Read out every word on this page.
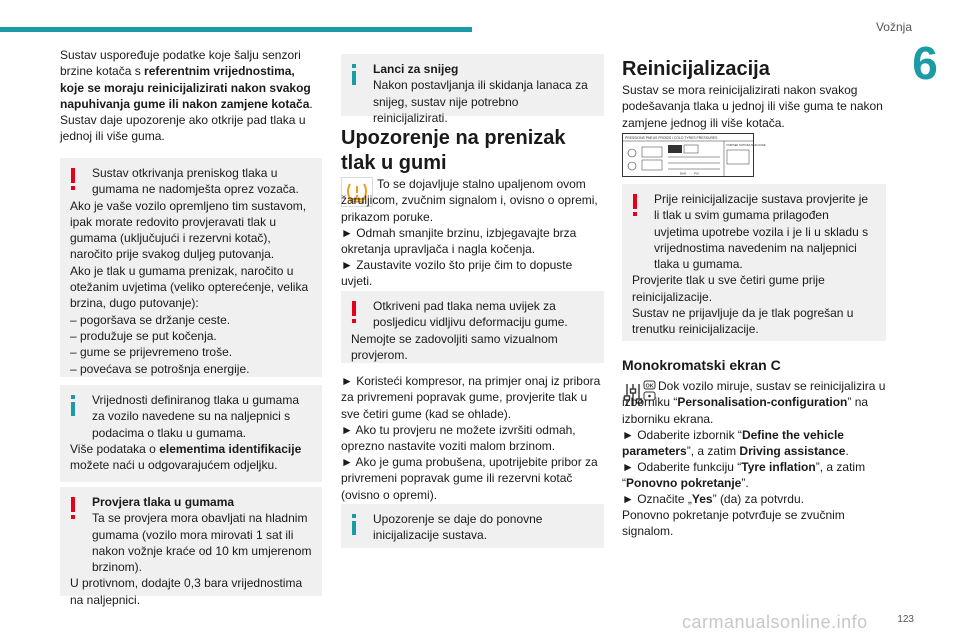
Vožnja
6

Sustav uspoređuje podatke koje šalju senzori brzine kotača s referentnim vrijednostima, koje se moraju reinicijalizirati nakon svakog napuhivanja gume ili nakon zamjene kotača. Sustav daje upozorenje ako otkrije pad tlaka u jednoj ili više guma.

Sustav otkrivanja preniskog tlaka u gumama ne nadomješta oprez vozača.

Ako je vaše vozilo opremljeno tim sustavom, ipak morate redovito provjeravati tlak u gumama (uključujući i rezervni kotač), naročito prije svakog duljeg putovanja.

Ako je tlak u gumama prenizak, naročito u otežanim uvjetima (veliko opterećenje, velika brzina, dugo putovanje):

– pogoršava se držanje ceste.

– produžuje se put kočenja.

– gume se prijevremeno troše.

– povećava se potrošnja energije.

Vrijednosti definiranog tlaka u gumama za vozilo navedene su na naljepnici s podacima o tlaku u gumama.

Više podataka o elementima identifikacije možete naći u odgovarajućem odjeljku.

Provjera tlaka u gumama

Ta se provjera mora obavljati na hladnim gumama (vozilo mora mirovati 1 sat ili nakon vožnje kraće od 10 km umjerenom brzinom).

U protivnom, dodajte 0,3 bara vrijednostima na naljepnici.

Lanci za snijeg

Nakon postavljanja ili skidanja lanaca za snijeg, sustav nije potrebno reinicijalizirati.

Upozorenje na prenizak tlak u gumi

To se dojavljuje stalno upaljenom ovom žaruljicom, zvučnim signalom i, ovisno o opremi, prikazom poruke.

► Odmah smanjite brzinu, izbjegavajte brza okretanja upravljača i nagla kočenja.

► Zaustavite vozilo što prije čim to dopuste uvjeti.

Otkriveni pad tlaka nema uvijek za posljedicu vidljivu deformaciju gume.

Nemojte se zadovoljiti samo vizualnom provjerom.

► Koristeći kompresor, na primjer onaj iz pribora za privremeni popravak gume, provjerite tlak u sve četiri gume (kad se ohlade).

► Ako tu provjeru ne možete izvršiti odmah, oprezno nastavite voziti malom brzinom.

► Ako je guma probušena, upotrijebite pribor za privremeni popravak gume ili rezervni kotač (ovisno o opremi).

Upozorenje se daje do ponovne inicijalizacije sustava.

Reinicijalizacija

Sustav se mora reinicijalizirati nakon svakog podešavanja tlaka u jednoj ili više guma te nakon zamjene jednog ili više kotača.

PRESSIONS PNEUS FROIDS / COLD TYRES PRESSURES
VOIR/SEE NOTICE/USER GUIDE
BAR	PSI

Prije reinicijalizacije sustava provjerite je li tlak u svim gumama prilagođen uvjetima upotrebe vozila i je li u skladu s vrijednostima navedenim na naljepnici tlaka u gumama.

Provjerite tlak u sve četiri gume prije reinicijalizacije.

Sustav ne prijavljuje da je tlak pogrešan u trenutku reinicijalizacije.

Monokromatski ekran C
OK Dok vozilo miruje, sustav se reinicijalizira u izborniku “Personalisation-configuration” na izborniku ekrana.

► Odaberite izbornik “Define the vehicle parameters”, a zatim Driving assistance.

► Odaberite funkciju “Tyre inflation”, a zatim “Ponovno pokretanje”.

► Označite „Yes” (da) za potvrdu.

Ponovno pokretanje potvrđuje se zvučnim signalom.

carmanualsonline.info	123
